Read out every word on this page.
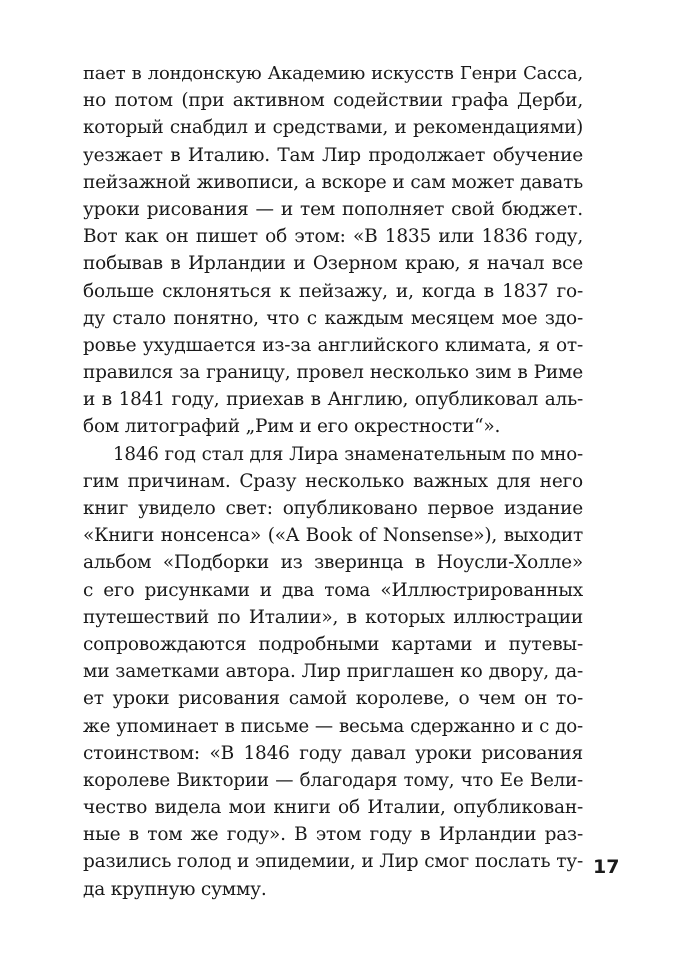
пает в лондонскую Академию искусств Генри Сасса,
но потом (при активном содействии графа Дерби,
который снабдил и средствами, и рекомендациями)
уезжает в Италию. Там Лир продолжает обучение
пейзажной живописи, а вскоре и сам может давать
уроки рисования — и тем пополняет свой бюджет.
Вот как он пишет об этом: «В 1835 или 1836 году,
побывав в Ирландии и Озерном краю, я начал все
больше склоняться к пейзажу, и, когда в 1837 го-
ду стало понятно, что с каждым месяцем мое здо-
ровье ухудшается из-за английского климата, я от-
правился за границу, провел несколько зим в Риме
и в 1841 году, приехав в Англию, опубликовал аль-
бом литографий „Рим и его окрестности“».
1846 год стал для Лира знаменательным по мно-
гим причинам. Сразу несколько важных для него
книг увидело свет: опубликовано первое издание
«Книги нонсенса» («A Book of Nonsense»), выходит
альбом «Подборки из зверинца в Ноусли-Холле»
с его рисунками и два тома «Иллюстрированных
путешествий по Италии», в которых иллюстрации
сопровождаются подробными картами и путевы-
ми заметками автора. Лир приглашен ко двору, да-
ет уроки рисования самой королеве, о чем он то-
же упоминает в письме — весьма сдержанно и с до-
стоинством: «В 1846 году давал уроки рисования
королеве Виктории — благодаря тому, что Ее Вели-
чество видела мои книги об Италии, опубликован-
ные в том же году». В этом году в Ирландии раз-
разились голод и эпидемии, и Лир смог послать ту-
да крупную сумму.
17
